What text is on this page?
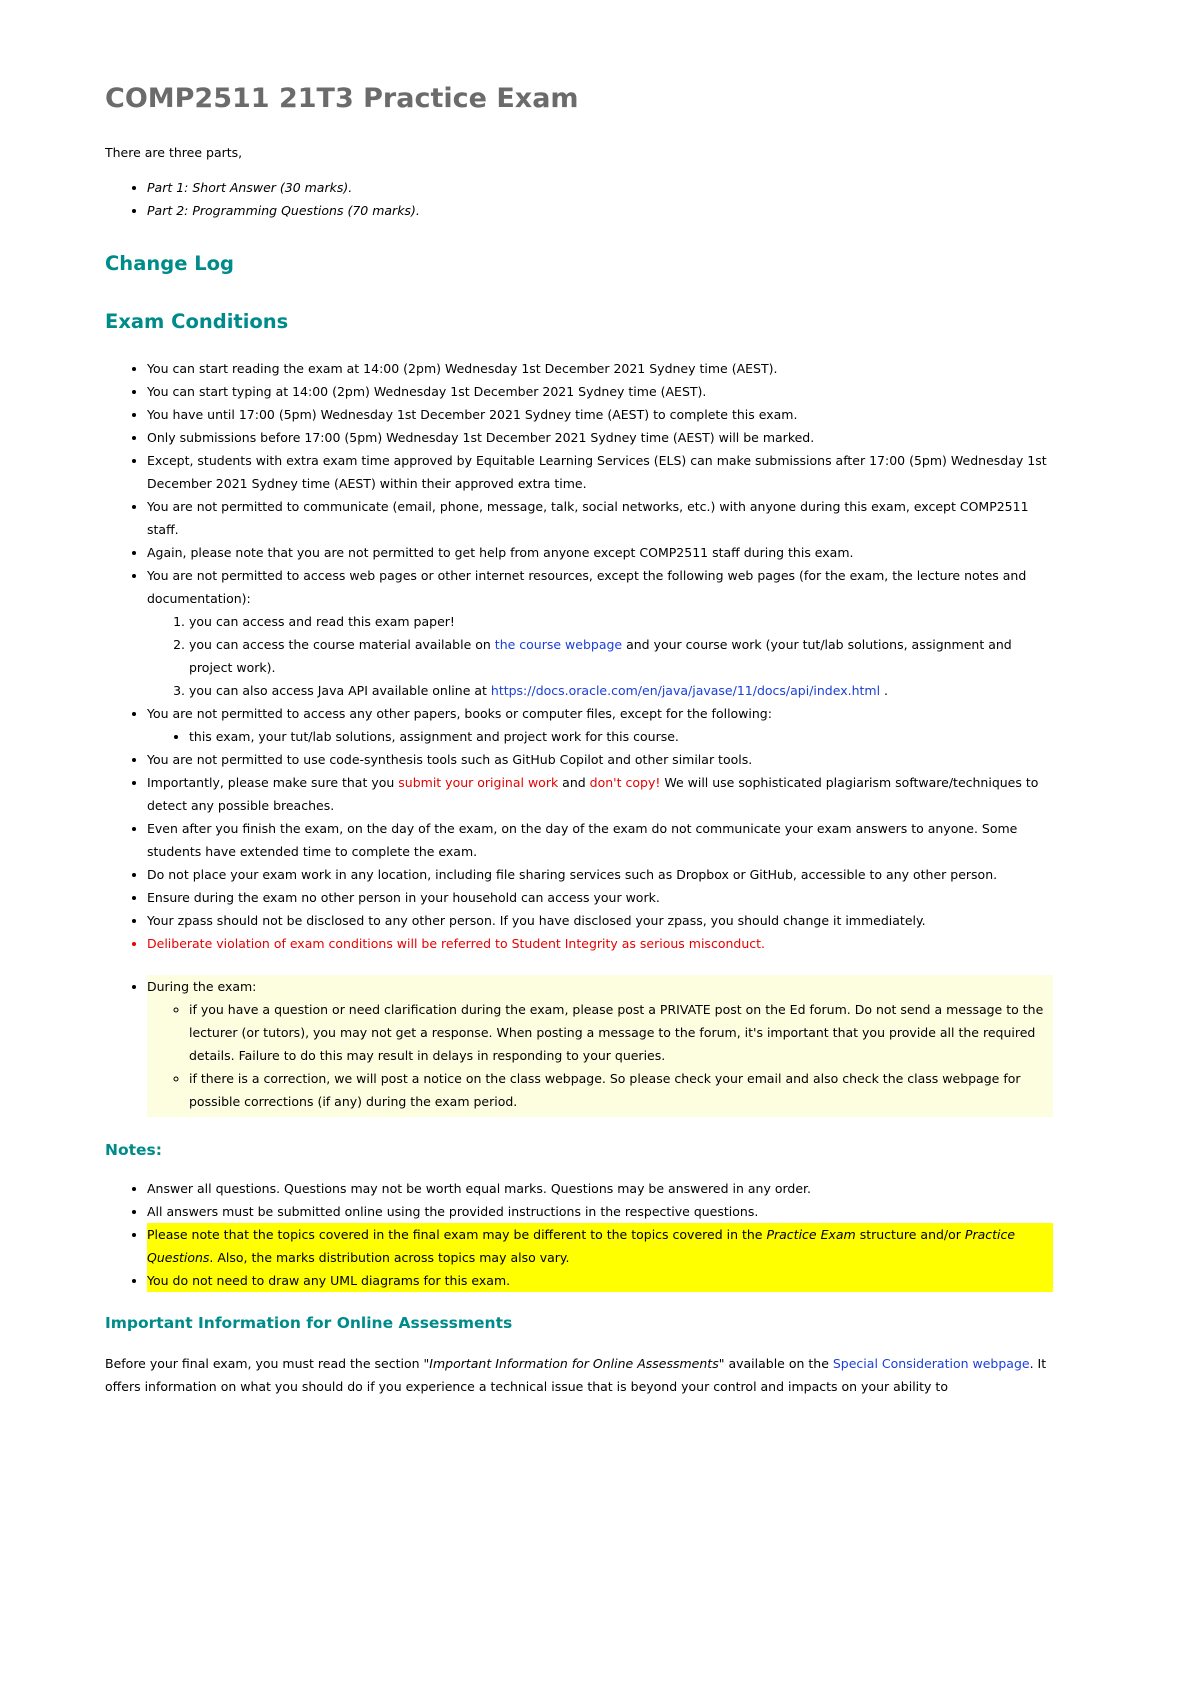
COMP2511 21T3 Practice Exam

There are three parts,

• Part 1: Short Answer (30 marks).
• Part 2: Programming Questions (70 marks).
Change Log
Exam Conditions
• You can start reading the exam at 14:00 (2pm) Wednesday 1st December 2021 Sydney time (AEST).
• You can start typing at 14:00 (2pm) Wednesday 1st December 2021 Sydney time (AEST).
• You have until 17:00 (5pm) Wednesday 1st December 2021 Sydney time (AEST) to complete this exam.
• Only submissions before 17:00 (5pm) Wednesday 1st December 2021 Sydney time (AEST) will be marked.
• Except, students with extra exam time approved by Equitable Learning Services (ELS) can make submissions after 17:00 (5pm) Wednesday 1st December 2021 Sydney time (AEST) within their approved extra time.
• You are not permitted to communicate (email, phone, message, talk, social networks, etc.) with anyone during this exam, except COMP2511 staff.
• Again, please note that you are not permitted to get help from anyone except COMP2511 staff during this exam.
• You are not permitted to access web pages or other internet resources, except the following web pages (for the exam, the lecture notes and documentation):
1. you can access and read this exam paper!
2. you can access the course material available on the course webpage and your course work (your tut/lab solutions, assignment and project work).
3. you can also access Java API available online at https://docs.oracle.com/en/java/javase/11/docs/api/index.html .
• You are not permitted to access any other papers, books or computer files, except for the following:
• this exam, your tut/lab solutions, assignment and project work for this course.
• You are not permitted to use code-synthesis tools such as GitHub Copilot and other similar tools.
• Importantly, please make sure that you submit your original work and don't copy! We will use sophisticated plagiarism software/techniques to detect any possible breaches.
• Even after you finish the exam, on the day of the exam, on the day of the exam do not communicate your exam answers to anyone. Some students have extended time to complete the exam.
• Do not place your exam work in any location, including file sharing services such as Dropbox or GitHub, accessible to any other person.
• Ensure during the exam no other person in your household can access your work.
• Your zpass should not be disclosed to any other person. If you have disclosed your zpass, you should change it immediately.
• Deliberate violation of exam conditions will be referred to Student Integrity as serious misconduct.
• During the exam:
◦ if you have a question or need clarification during the exam, please post a PRIVATE post on the Ed forum. Do not send a message to the lecturer (or tutors), you may not get a response. When posting a message to the forum, it's important that you provide all the required details. Failure to do this may result in delays in responding to your queries.
◦ if there is a correction, we will post a notice on the class webpage. So please check your email and also check the class webpage for possible corrections (if any) during the exam period.
Notes:
• Answer all questions. Questions may not be worth equal marks. Questions may be answered in any order.
• All answers must be submitted online using the provided instructions in the respective questions.
• Please note that the topics covered in the final exam may be different to the topics covered in the Practice Exam structure and/or Practice Questions. Also, the marks distribution across topics may also vary.
• You do not need to draw any UML diagrams for this exam.
Important Information for Online Assessments

Before your final exam, you must read the section "Important Information for Online Assessments" available on the Special Consideration webpage. It offers information on what you should do if you experience a technical issue that is beyond your control and impacts on your ability to
